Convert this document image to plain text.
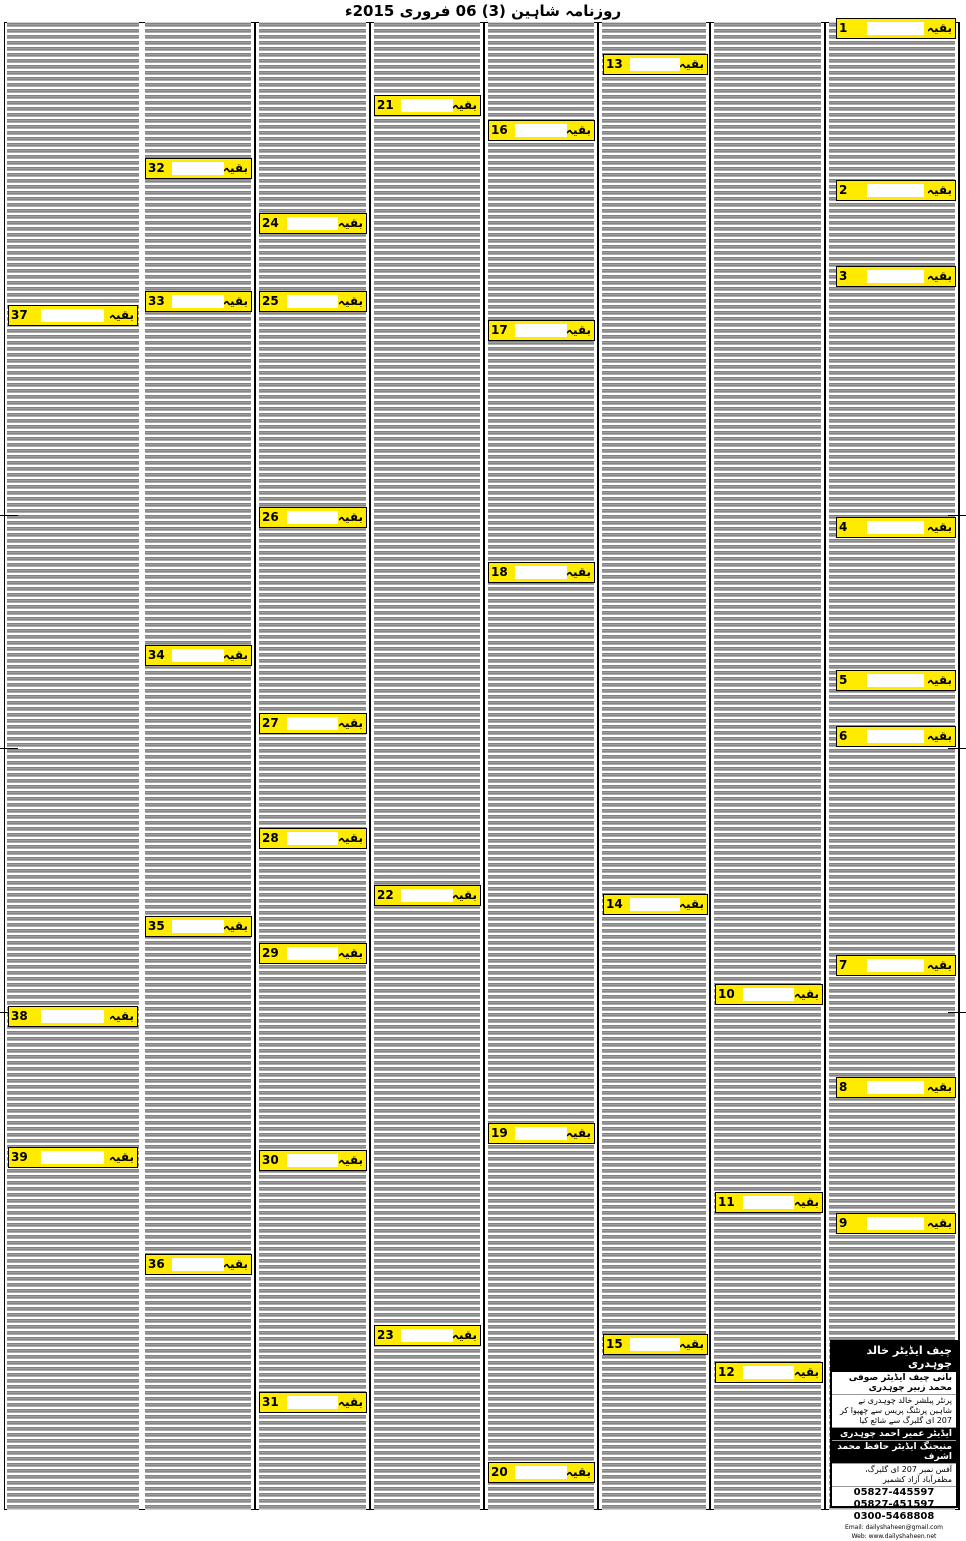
روزنامہ شاہین (3) 06 فروری 2015ء
1	بقیہ
2	بقیہ
3	بقیہ
4	بقیہ
5	بقیہ
6	بقیہ
7	بقیہ
8	بقیہ
9	بقیہ
10	بقیہ
11	بقیہ
12	بقیہ
13	بقیہ
14	بقیہ
15	بقیہ
16	بقیہ
17	بقیہ
18	بقیہ
19	بقیہ
20	بقیہ
21	بقیہ
22	بقیہ
23	بقیہ
24	بقیہ
25	بقیہ
26	بقیہ
27	بقیہ
28	بقیہ
29	بقیہ
30	بقیہ
31	بقیہ
32	بقیہ
33	بقیہ
34	بقیہ
35	بقیہ
36	بقیہ
37	بقیہ
38	بقیہ
39	بقیہ
چیف ایڈیٹر خالد چوہدری
بانی چیف ایڈیٹر صوفی محمد زبیر چوہدری
پرنٹر پبلشر خالد چوہدری نے شاہین پرنٹنگ پریس سے چھپوا کر 207 ای گلبرگ سے شائع کیا
ایڈیٹر عمیر احمد چوہدری
منیجنگ ایڈیٹر حافظ محمد اشرف
آفس نمبر 207 ای گلبرگ، مظفرآباد آزاد کشمیر
05827-445597
05827-451597
0300-5468808
Email: dailyshaheen@gmail.com
Web: www.dailyshaheen.net
